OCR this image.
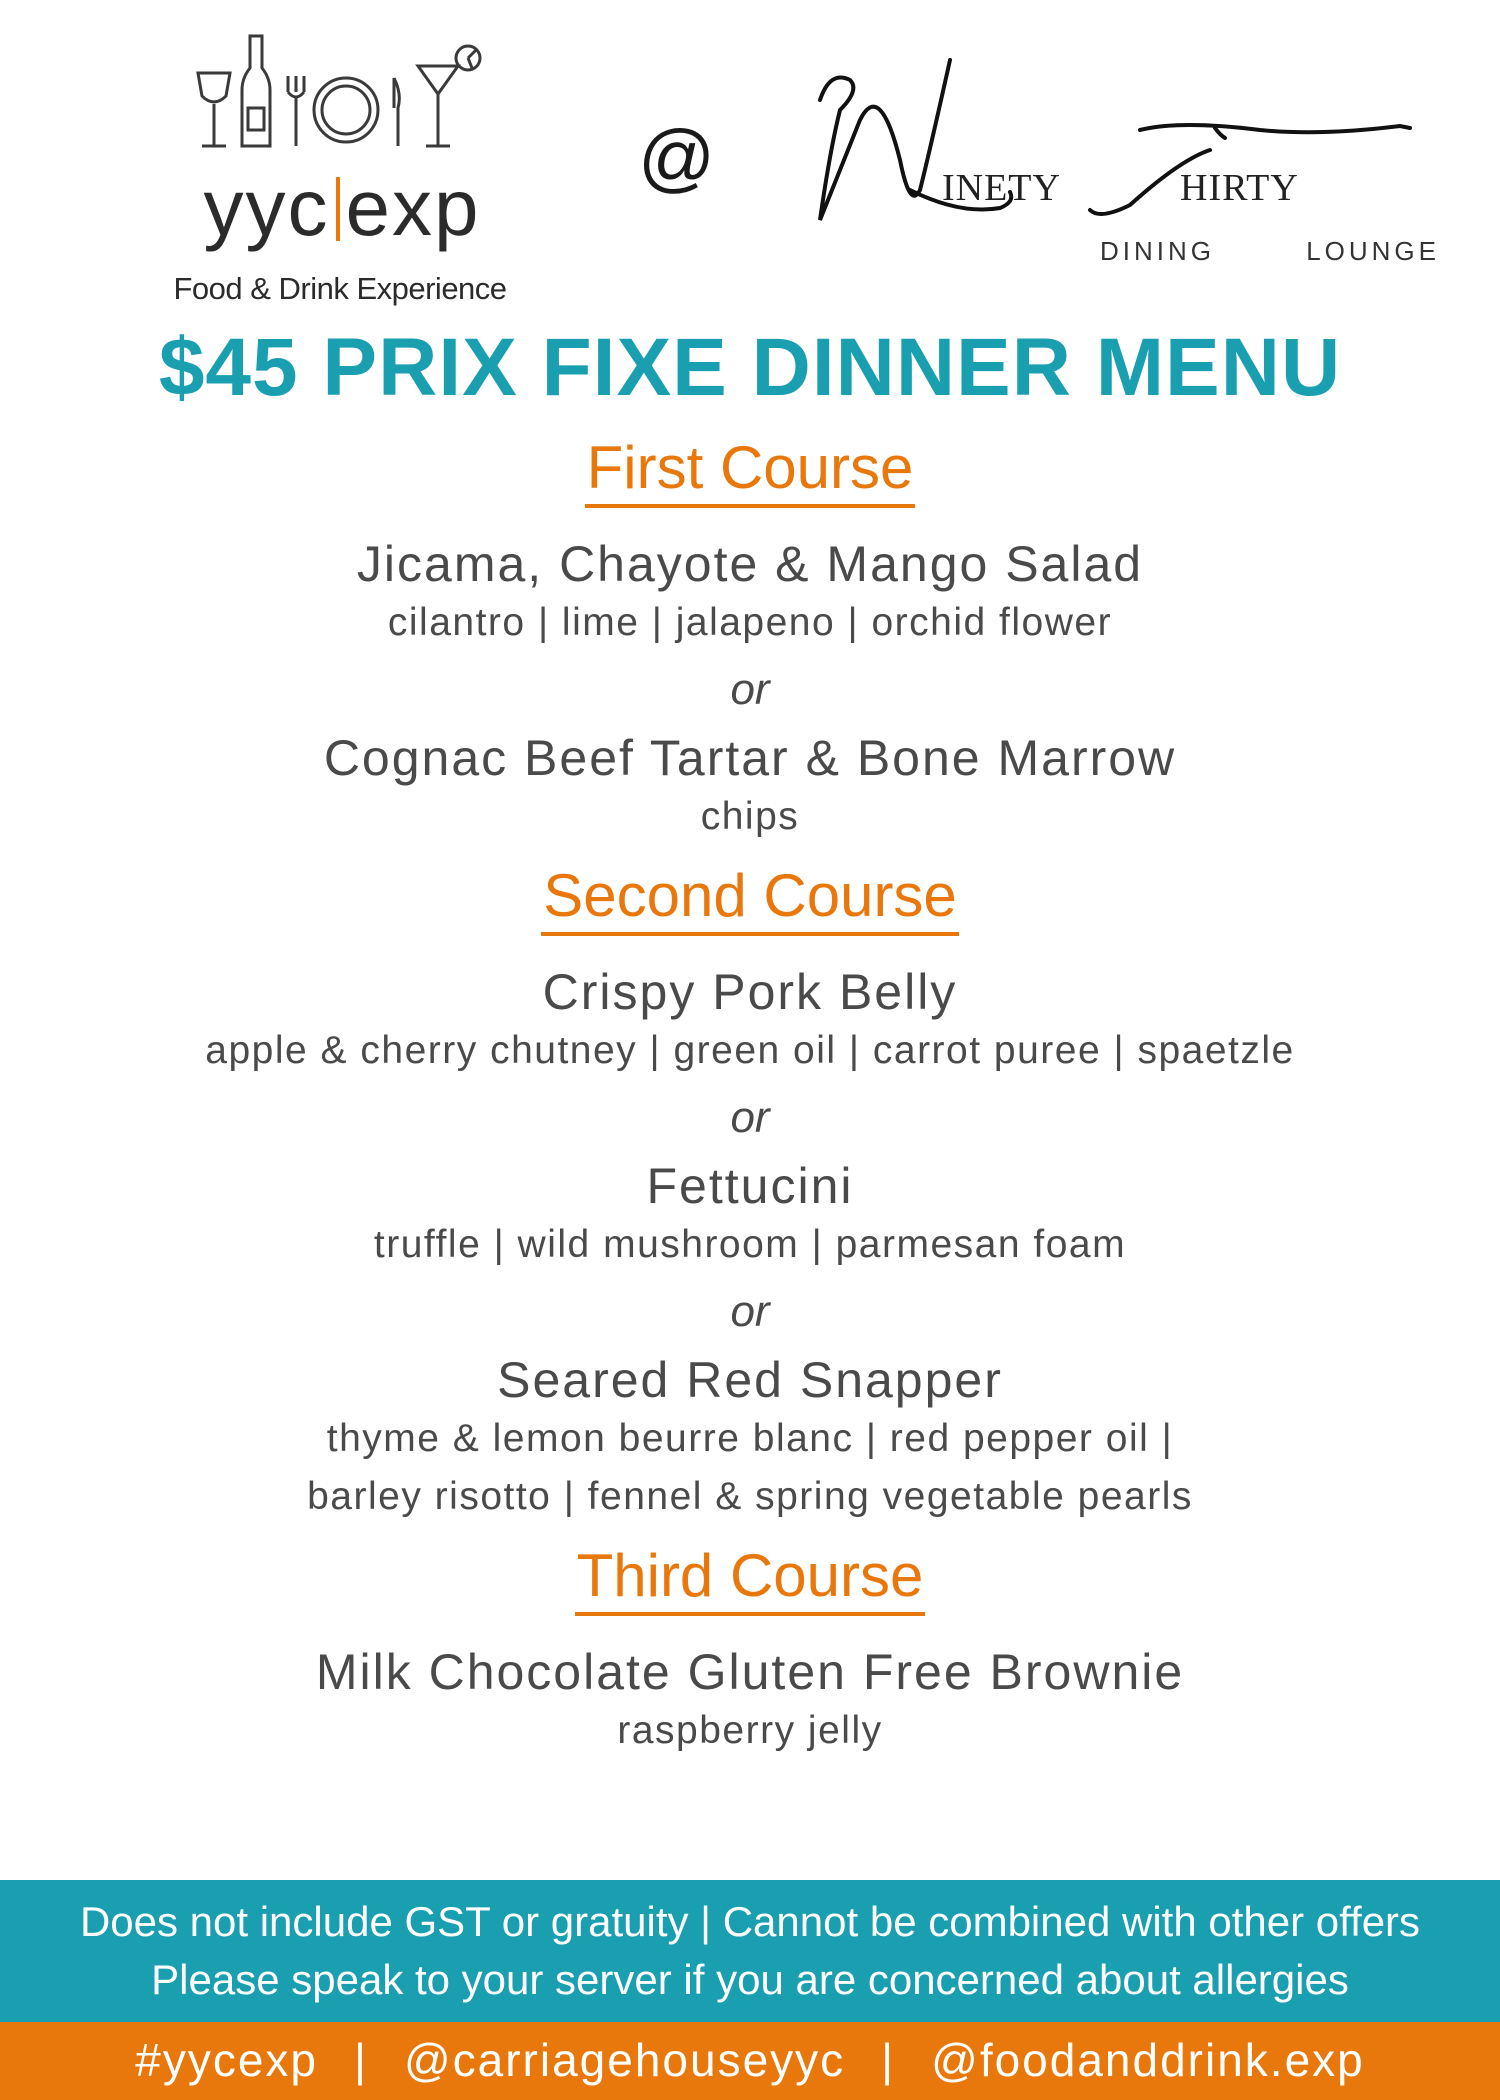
yyc exp
Food & Drink Experience
@	INETY	HIRTY
DINING	LOUNGE
$45 PRIX FIXE DINNER MENU
First Course
Jicama, Chayote & Mango Salad
cilantro | lime | jalapeno | orchid flower
or
Cognac Beef Tartar & Bone Marrow
chips
Second Course
Crispy Pork Belly
apple & cherry chutney | green oil | carrot puree | spaetzle
or
Fettucini
truffle | wild mushroom | parmesan foam
or
Seared Red Snapper
thyme & lemon beurre blanc | red pepper oil |
barley risotto | fennel & spring vegetable pearls
Third Course
Milk Chocolate Gluten Free Brownie
raspberry jelly
Does not include GST or gratuity | Cannot be combined with other offers
Please speak to your server if you are concerned about allergies
#yycexp | @carriagehouseyyc | @foodanddrink.exp
